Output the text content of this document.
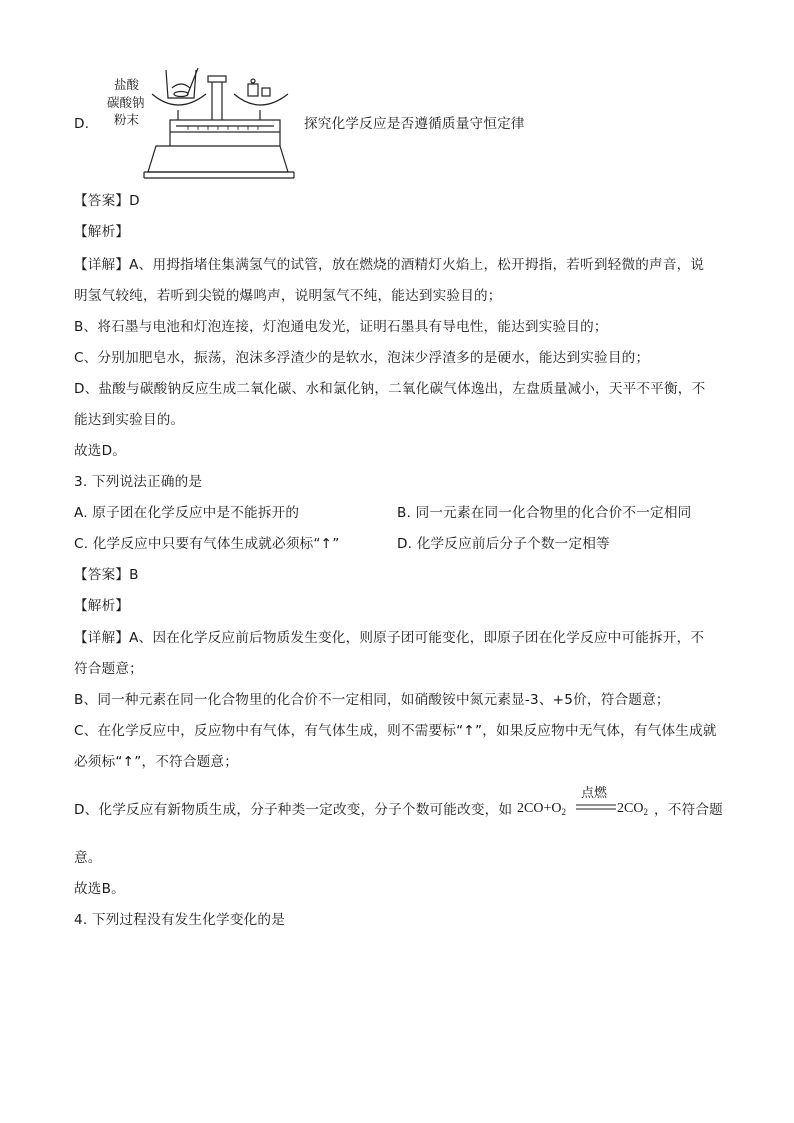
D.

盐酸
碳酸钠
粉末	探究化学反应是否遵循质量守恒定律

【答案】D

【解析】

【详解】A、用拇指堵住集满氢气的试管，放在燃烧的酒精灯火焰上，松开拇指，若听到轻微的声音，说

明氢气较纯，若听到尖锐的爆鸣声，说明氢气不纯，能达到实验目的；

B、将石墨与电池和灯泡连接，灯泡通电发光，证明石墨具有导电性，能达到实验目的；

C、分别加肥皂水，振荡，泡沫多浮渣少的是软水，泡沫少浮渣多的是硬水，能达到实验目的；

D、盐酸与碳酸钠反应生成二氧化碳、水和氯化钠，二氧化碳气体逸出，左盘质量减小，天平不平衡，不

能达到实验目的。

故选D。

3. 下列说法正确的是

A. 原子团在化学反应中是不能拆开的	B. 同一元素在同一化合物里的化合价不一定相同

C. 化学反应中只要有气体生成就必须标“↑”	D. 化学反应前后分子个数一定相等

【答案】B

【解析】

【详解】A、因在化学反应前后物质发生变化，则原子团可能变化，即原子团在化学反应中可能拆开，不

符合题意；

B、同一种元素在同一化合物里的化合价不一定相同，如硝酸铵中氮元素显-3、+5价，符合题意；

C、在化学反应中，反应物中有气体，有气体生成，则不需要标“↑”，如果反应物中无气体，有气体生成就

必须标“↑”，不符合题意；

D、化学反应有新物质生成，分子种类一定改变，分子个数可能改变，如 $2CO+O_2$
点燃
$2CO_2$ ，不符合题

意。

故选B。

4. 下列过程没有发生化学变化的是
